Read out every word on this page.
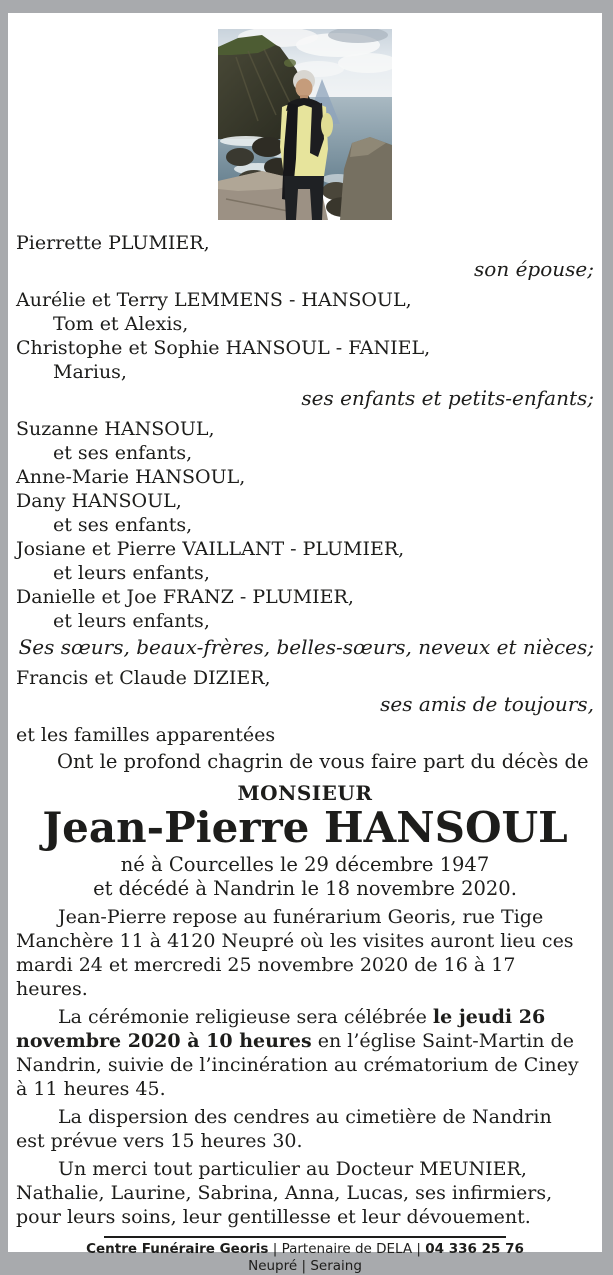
Pierrette PLUMIER,
son épouse;
Aurélie et Terry LEMMENS - HANSOUL,
Tom et Alexis,
Christophe et Sophie HANSOUL - FANIEL,
Marius,
ses enfants et petits-enfants;
Suzanne HANSOUL,
et ses enfants,
Anne-Marie HANSOUL,
Dany HANSOUL,
et ses enfants,
Josiane et Pierre VAILLANT - PLUMIER,
et leurs enfants,
Danielle et Joe FRANZ - PLUMIER,
et leurs enfants,
Ses sœurs, beaux-frères, belles-sœurs, neveux et nièces;
Francis et Claude DIZIER,
ses amis de toujours,
et les familles apparentées
Ont le profond chagrin de vous faire part du décès de
MONSIEUR
Jean-Pierre HANSOUL
né à Courcelles le 29 décembre 1947
et décédé à Nandrin le 18 novembre 2020.

Jean-Pierre repose au funérarium Georis, rue Tige Manchère 11 à 4120 Neupré où les visites auront lieu ces mardi 24 et mercredi 25 novembre 2020 de 16 à 17 heures.

La cérémonie religieuse sera célébrée le jeudi 26 novembre 2020 à 10 heures en l’église Saint-Martin de Nandrin, suivie de l’incinération au crématorium de Ciney à 11 heures 45.

La dispersion des cendres au cimetière de Nandrin est prévue vers 15 heures 30.

Un merci tout particulier au Docteur MEUNIER, Nathalie, Laurine, Sabrina, Anna, Lucas, ses infirmiers, pour leurs soins, leur gentillesse et leur dévouement.

Centre Funéraire Georis | Partenaire de DELA | 04 336 25 76
Neupré | Seraing
